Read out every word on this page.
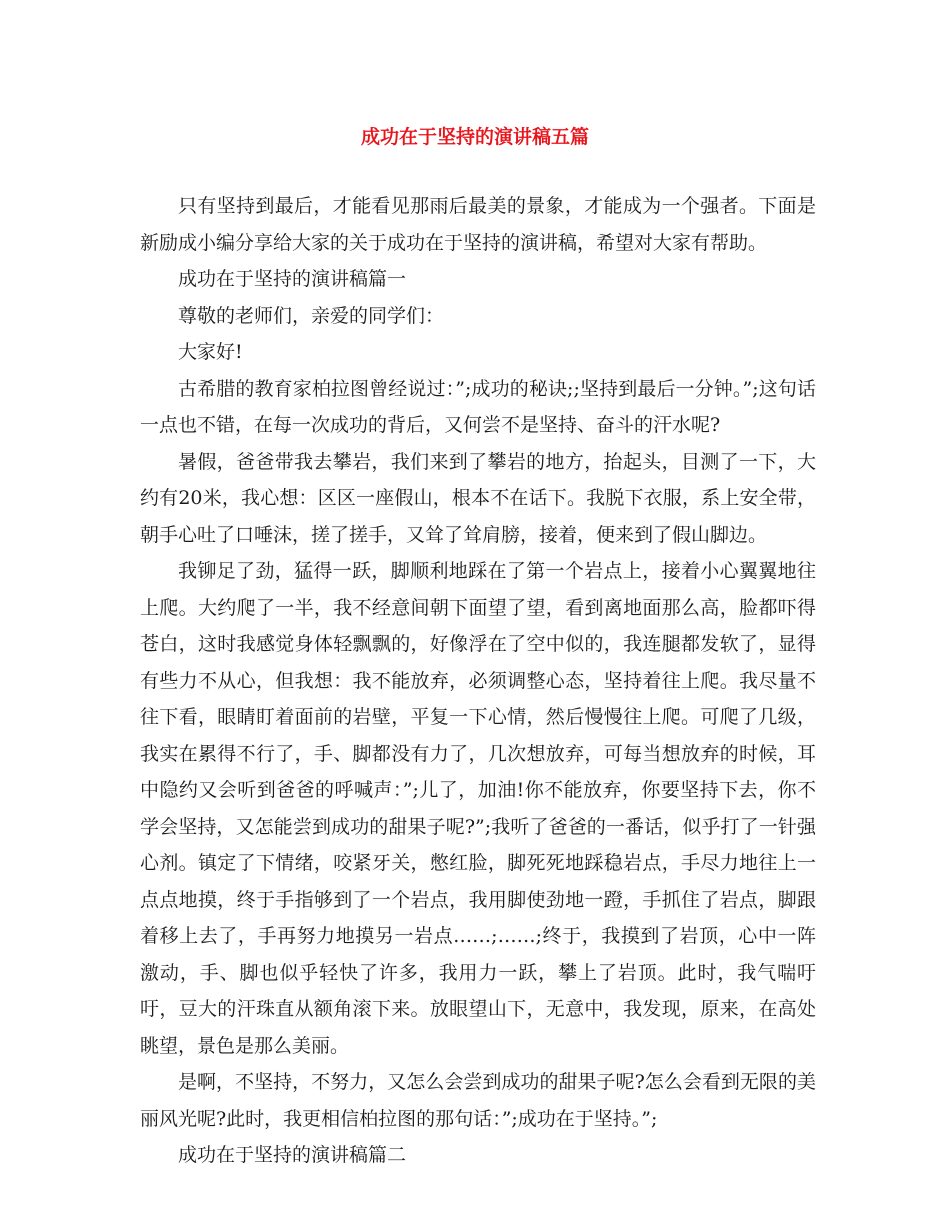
成功在于坚持的演讲稿五篇

只有坚持到最后，才能看见那雨后最美的景象，才能成为一个强者。下面是新励成小编分享给大家的关于成功在于坚持的演讲稿，希望对大家有帮助。

成功在于坚持的演讲稿篇一

尊敬的老师们，亲爱的同学们：

大家好!

古希腊的教育家柏拉图曾经说过：”;成功的秘诀;;坚持到最后一分钟。”;这句话一点也不错，在每一次成功的背后，又何尝不是坚持、奋斗的汗水呢?

暑假，爸爸带我去攀岩，我们来到了攀岩的地方，抬起头，目测了一下，大约有20米，我心想：区区一座假山，根本不在话下。我脱下衣服，系上安全带，朝手心吐了口唾沫，搓了搓手，又耸了耸肩膀，接着，便来到了假山脚边。

我铆足了劲，猛得一跃，脚顺利地踩在了第一个岩点上，接着小心翼翼地往上爬。大约爬了一半，我不经意间朝下面望了望，看到离地面那么高，脸都吓得苍白，这时我感觉身体轻飘飘的，好像浮在了空中似的，我连腿都发软了，显得有些力不从心，但我想：我不能放弃，必须调整心态，坚持着往上爬。我尽量不往下看，眼睛盯着面前的岩壁，平复一下心情，然后慢慢往上爬。可爬了几级，我实在累得不行了，手、脚都没有力了，几次想放弃，可每当想放弃的时候，耳中隐约又会听到爸爸的呼喊声：”;儿了，加油!你不能放弃，你要坚持下去，你不学会坚持，又怎能尝到成功的甜果子呢?”;我听了爸爸的一番话，似乎打了一针强心剂。镇定了下情绪，咬紧牙关，憋红脸，脚死死地踩稳岩点，手尽力地往上一点点地摸，终于手指够到了一个岩点，我用脚使劲地一蹬，手抓住了岩点，脚跟着移上去了，手再努力地摸另一岩点……;……;终于，我摸到了岩顶，心中一阵激动，手、脚也似乎轻快了许多，我用力一跃，攀上了岩顶。此时，我气喘吁吁，豆大的汗珠直从额角滚下来。放眼望山下，无意中，我发现，原来，在高处眺望，景色是那么美丽。

是啊，不坚持，不努力，又怎么会尝到成功的甜果子呢?怎么会看到无限的美丽风光呢?此时，我更相信柏拉图的那句话：”;成功在于坚持。”;

成功在于坚持的演讲稿篇二
